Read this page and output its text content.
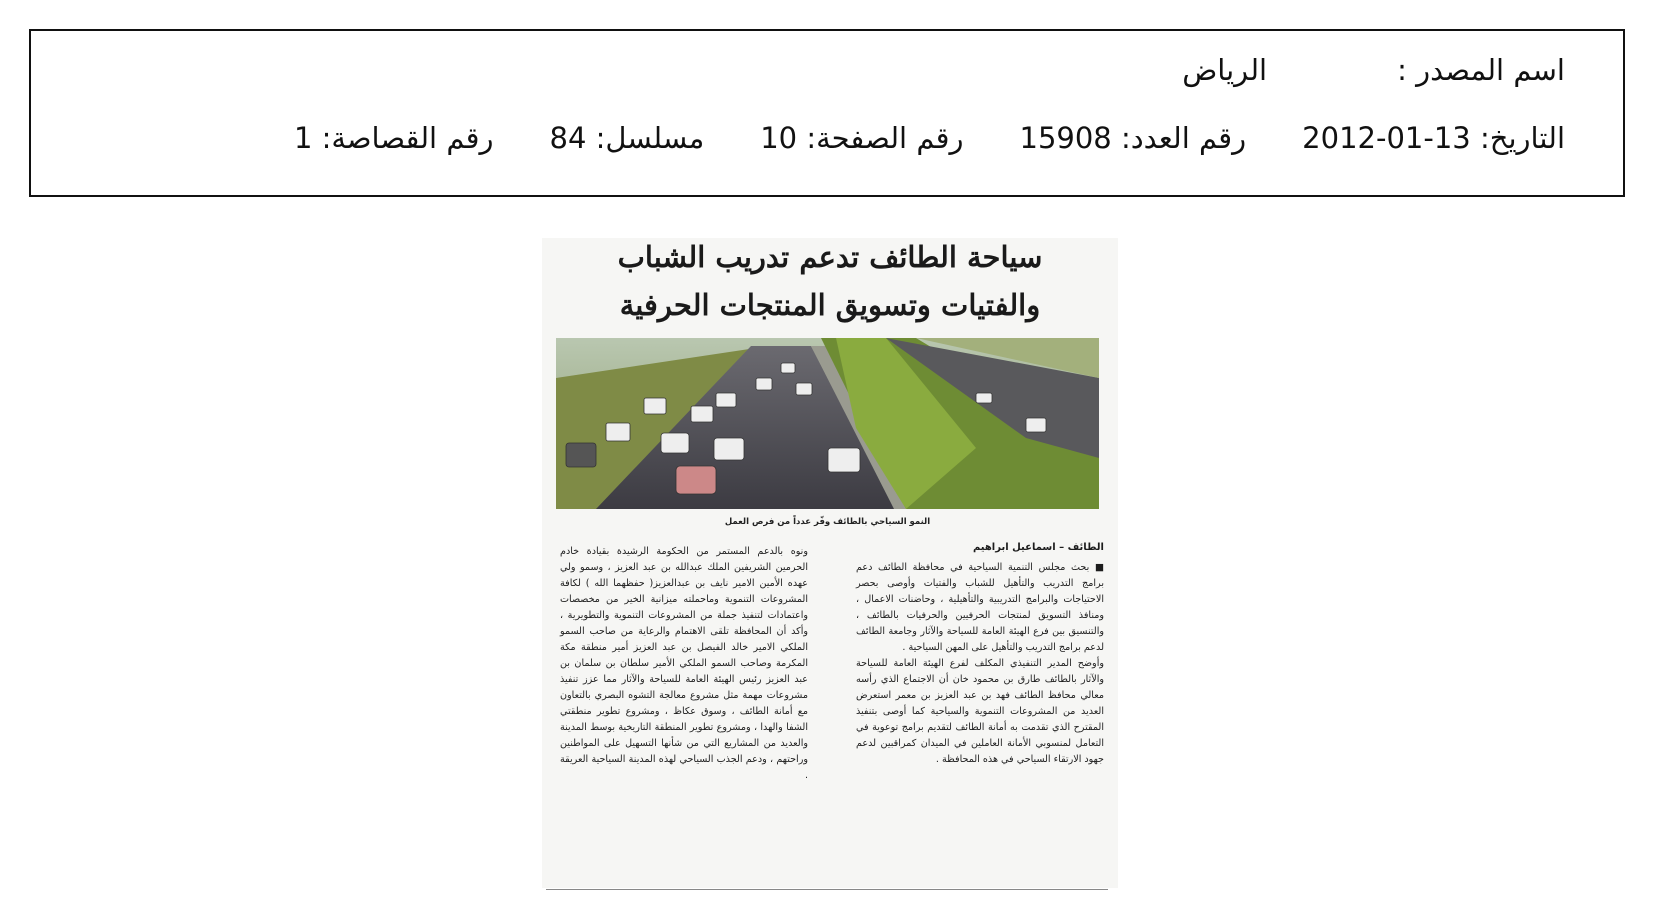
اسم المصدر :
الرياض
التاريخ: 13-01-2012
رقم العدد: 15908
رقم الصفحة: 10
مسلسل: 84
رقم القصاصة: 1
سياحة الطائف تدعم تدريب الشباب
والفتيات وتسويق المنتجات الحرفية
النمو السياحي بالطائف وفّر عدداً من فرص العمل
الطائف – اسماعيل ابراهيم

■ بحث مجلس التنمية السياحية في محافظة الطائف دعم برامج التدريب والتأهيل للشباب والفتيات وأوصى بحصر الاحتياجات والبرامج التدريبية والتأهيلية ، وحاضنات الاعمال ، ومنافذ التسويق لمنتجات الحرفيين والحرفيات بالطائف ، والتنسيق بين فرع الهيئة العامة للسياحة والآثار وجامعة الطائف لدعم برامج التدريب والتأهيل على المهن السياحية .

وأوضح المدير التنفيذي المكلف لفرع الهيئة العامة للسياحة والآثار بالطائف طارق بن محمود خان أن الاجتماع الذي رأسه معالي محافظ الطائف فهد بن عبد العزيز بن معمر استعرض العديد من المشروعات التنموية والسياحية كما أوصى بتنفيذ المقترح الذي تقدمت به أمانة الطائف لتقديم برامج توعوية في التعامل لمنسوبي الأمانة العاملين في الميدان كمراقبين لدعم جهود الارتقاء السياحي في هذه المحافظة .

ونوه بالدعم المستمر من الحكومة الرشيدة بقيادة خادم الحرمين الشريفين الملك عبدالله بن عبد العزيز ، وسمو ولي عهده الأمين الامير نايف بن عبدالعزيز( حفظهما الله ) لكافة المشروعات التنموية وماحملته ميزانية الخير من مخصصات واعتمادات لتنفيذ جملة من المشروعات التنموية والتطويرية ، وأكد أن المحافظة تلقى الاهتمام والرعاية من صاحب السمو الملكي الامير خالد الفيصل بن عبد العزيز أمير منطقة مكة المكرمة وصاحب السمو الملكي الأمير سلطان بن سلمان بن عبد العزيز رئيس الهيئة العامة للسياحة والآثار مما عزز تنفيذ مشروعات مهمة مثل مشروع معالجة التشوه البصري بالتعاون مع أمانة الطائف ، وسوق عكاظ ، ومشروع تطوير منطقتي الشفا والهدا ، ومشروع تطوير المنطقة التاريخية بوسط المدينة والعديد من المشاريع التي من شأنها التسهيل على المواطنين وراحتهم ، ودعم الجذب السياحي لهذه المدينة السياحية العريقة .
